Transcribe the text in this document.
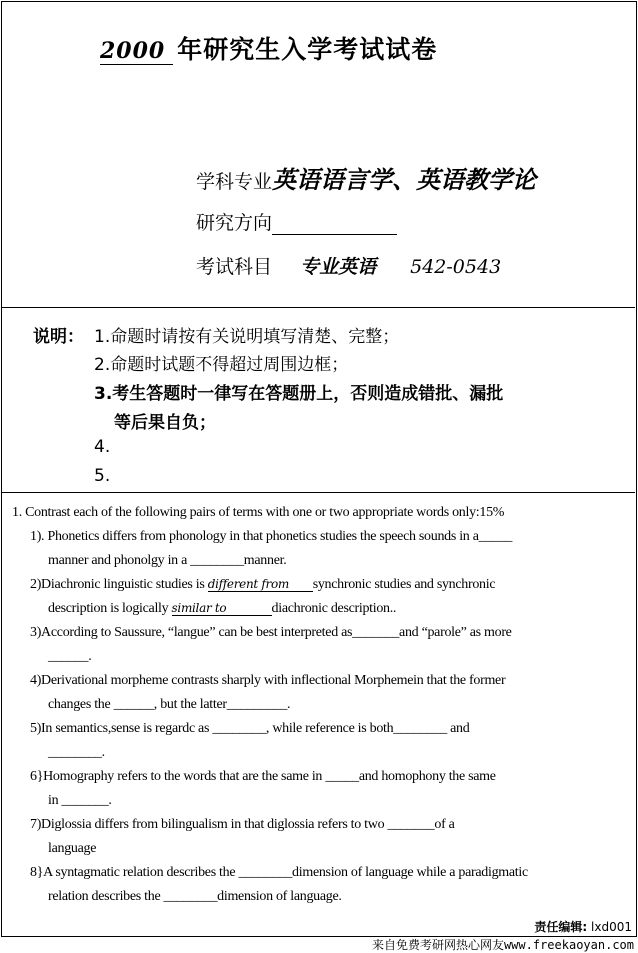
2000 年研究生入学考试试卷
学科专业英语语言学、英语教学论
研究方向
考试科目 专业英语 542-0543
说明： 1.命题时请按有关说明填写清楚、完整；
2.命题时试题不得超过周围边框；
3.考生答题时一律写在答题册上，否则造成错批、漏批
等后果自负；
4.
5.
1. Contrast each of the following pairs of terms with one or two appropriate words only:15%
1). Phonetics differs from phonology in that phonetics studies the speech sounds in a_____
manner and phonolgy in a ________manner.
2)Diachronic linguistic studies is different from synchronic studies and synchronic
description is logically similar to	diachronic description..
3)According to Saussure, “langue” can be best interpreted as_______and “parole” as more
______.
4)Derivational morpheme contrasts sharply with inflectional Morphemein that the former
changes the ______, but the latter_________.
5)In semantics,sense is regardc as ________, while reference is both________ and
________.
6}Homography refers to the words that are the same in _____and homophony the same
in _______.
7)Diglossia differs from bilingualism in that diglossia refers to two _______of a
language
8}A syntagmatic relation describes the ________dimension of language while a paradigmatic
relation describes the ________dimension of language.
责任编辑: lxd001
来自免费考研网热心网友www.freekaoyan.com
